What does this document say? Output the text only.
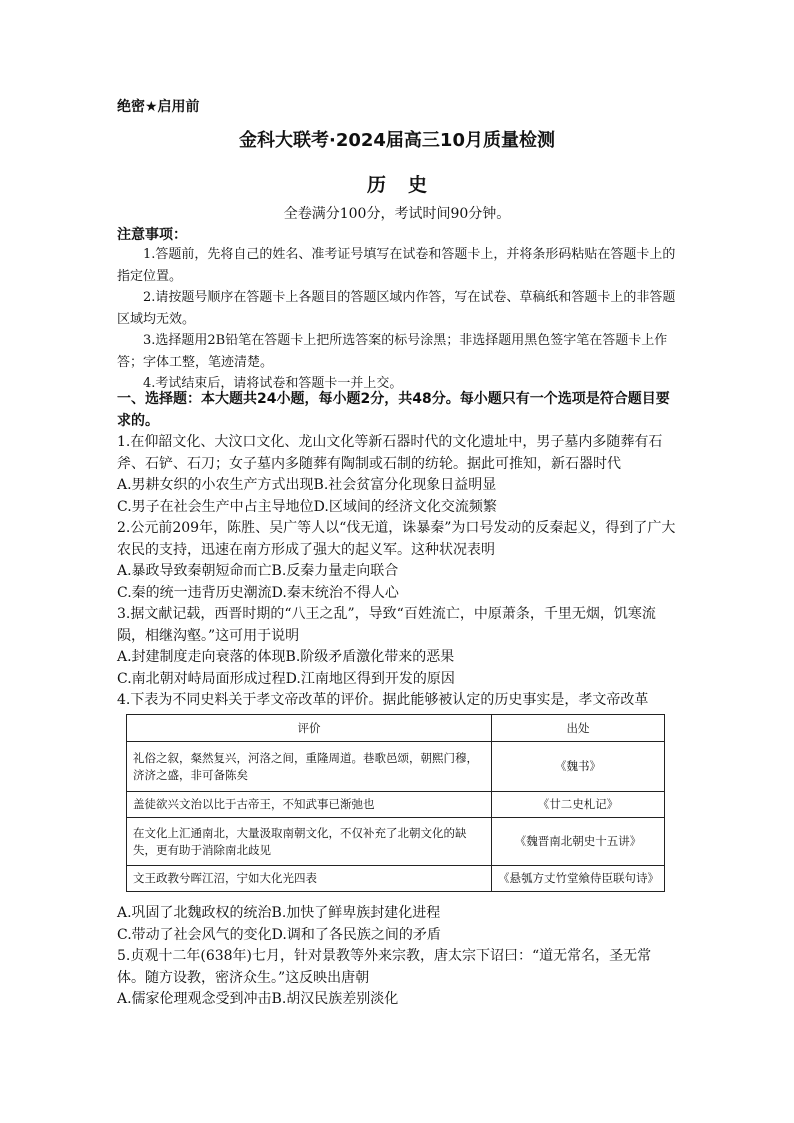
绝密★启用前
金科大联考·2024届高三10月质量检测
历史
全卷满分100分，考试时间90分钟。
注意事项：

1.答题前，先将自己的姓名、准考证号填写在试卷和答题卡上，并将条形码粘贴在答题卡上的指定位置。

2.请按题号顺序在答题卡上各题目的答题区域内作答，写在试卷、草稿纸和答题卡上的非答题区域均无效。

3.选择题用2B铅笔在答题卡上把所选答案的标号涂黑；非选择题用黑色签字笔在答题卡上作答；字体工整，笔迹清楚。

4.考试结束后，请将试卷和答题卡一并上交。

一、选择题：本大题共24小题，每小题2分，共48分。每小题只有一个选项是符合题目要求的。

1.在仰韶文化、大汶口文化、龙山文化等新石器时代的文化遗址中，男子墓内多随葬有石斧、石铲、石刀；女子墓内多随葬有陶制或石制的纺轮。据此可推知，新石器时代

A.男耕女织的小农生产方式出现B.社会贫富分化现象日益明显

C.男子在社会生产中占主导地位D.区域间的经济文化交流频繁

2.公元前209年，陈胜、吴广等人以“伐无道，诛暴秦”为口号发动的反秦起义，得到了广大农民的支持，迅速在南方形成了强大的起义军。这种状况表明

A.暴政导致秦朝短命而亡B.反秦力量走向联合

C.秦的统一违背历史潮流D.秦末统治不得人心

3.据文献记载，西晋时期的“八王之乱”，导致“百姓流亡，中原萧条，千里无烟，饥寒流陨，相继沟壑。”这可用于说明

A.封建制度走向衰落的体现B.阶级矛盾激化带来的恶果

C.南北朝对峙局面形成过程D.江南地区得到开发的原因

4.下表为不同史料关于孝文帝改革的评价。据此能够被认定的历史事实是，孝文帝改革

评价	出处
礼俗之叙，粲然复兴，河洛之间，重隆周道。巷歌邑颂，朝熙门穆，济济之盛，非可备陈矣	《魏书》
盖徒欲兴文治以比于古帝王，不知武事已渐弛也	《廿二史札记》
在文化上汇通南北，大量汲取南朝文化，不仅补充了北朝文化的缺失，更有助于消除南北歧见	《魏晋南北朝史十五讲》
文王政教兮晖江沼，宁如大化光四表	《悬瓠方丈竹堂飨侍臣联句诗》

A.巩固了北魏政权的统治B.加快了鲜卑族封建化进程

C.带动了社会风气的变化D.调和了各民族之间的矛盾

5.贞观十二年(638年)七月，针对景教等外来宗教，唐太宗下诏曰：“道无常名，圣无常体。随方设教，密济众生。”这反映出唐朝

A.儒家伦理观念受到冲击B.胡汉民族差别淡化
